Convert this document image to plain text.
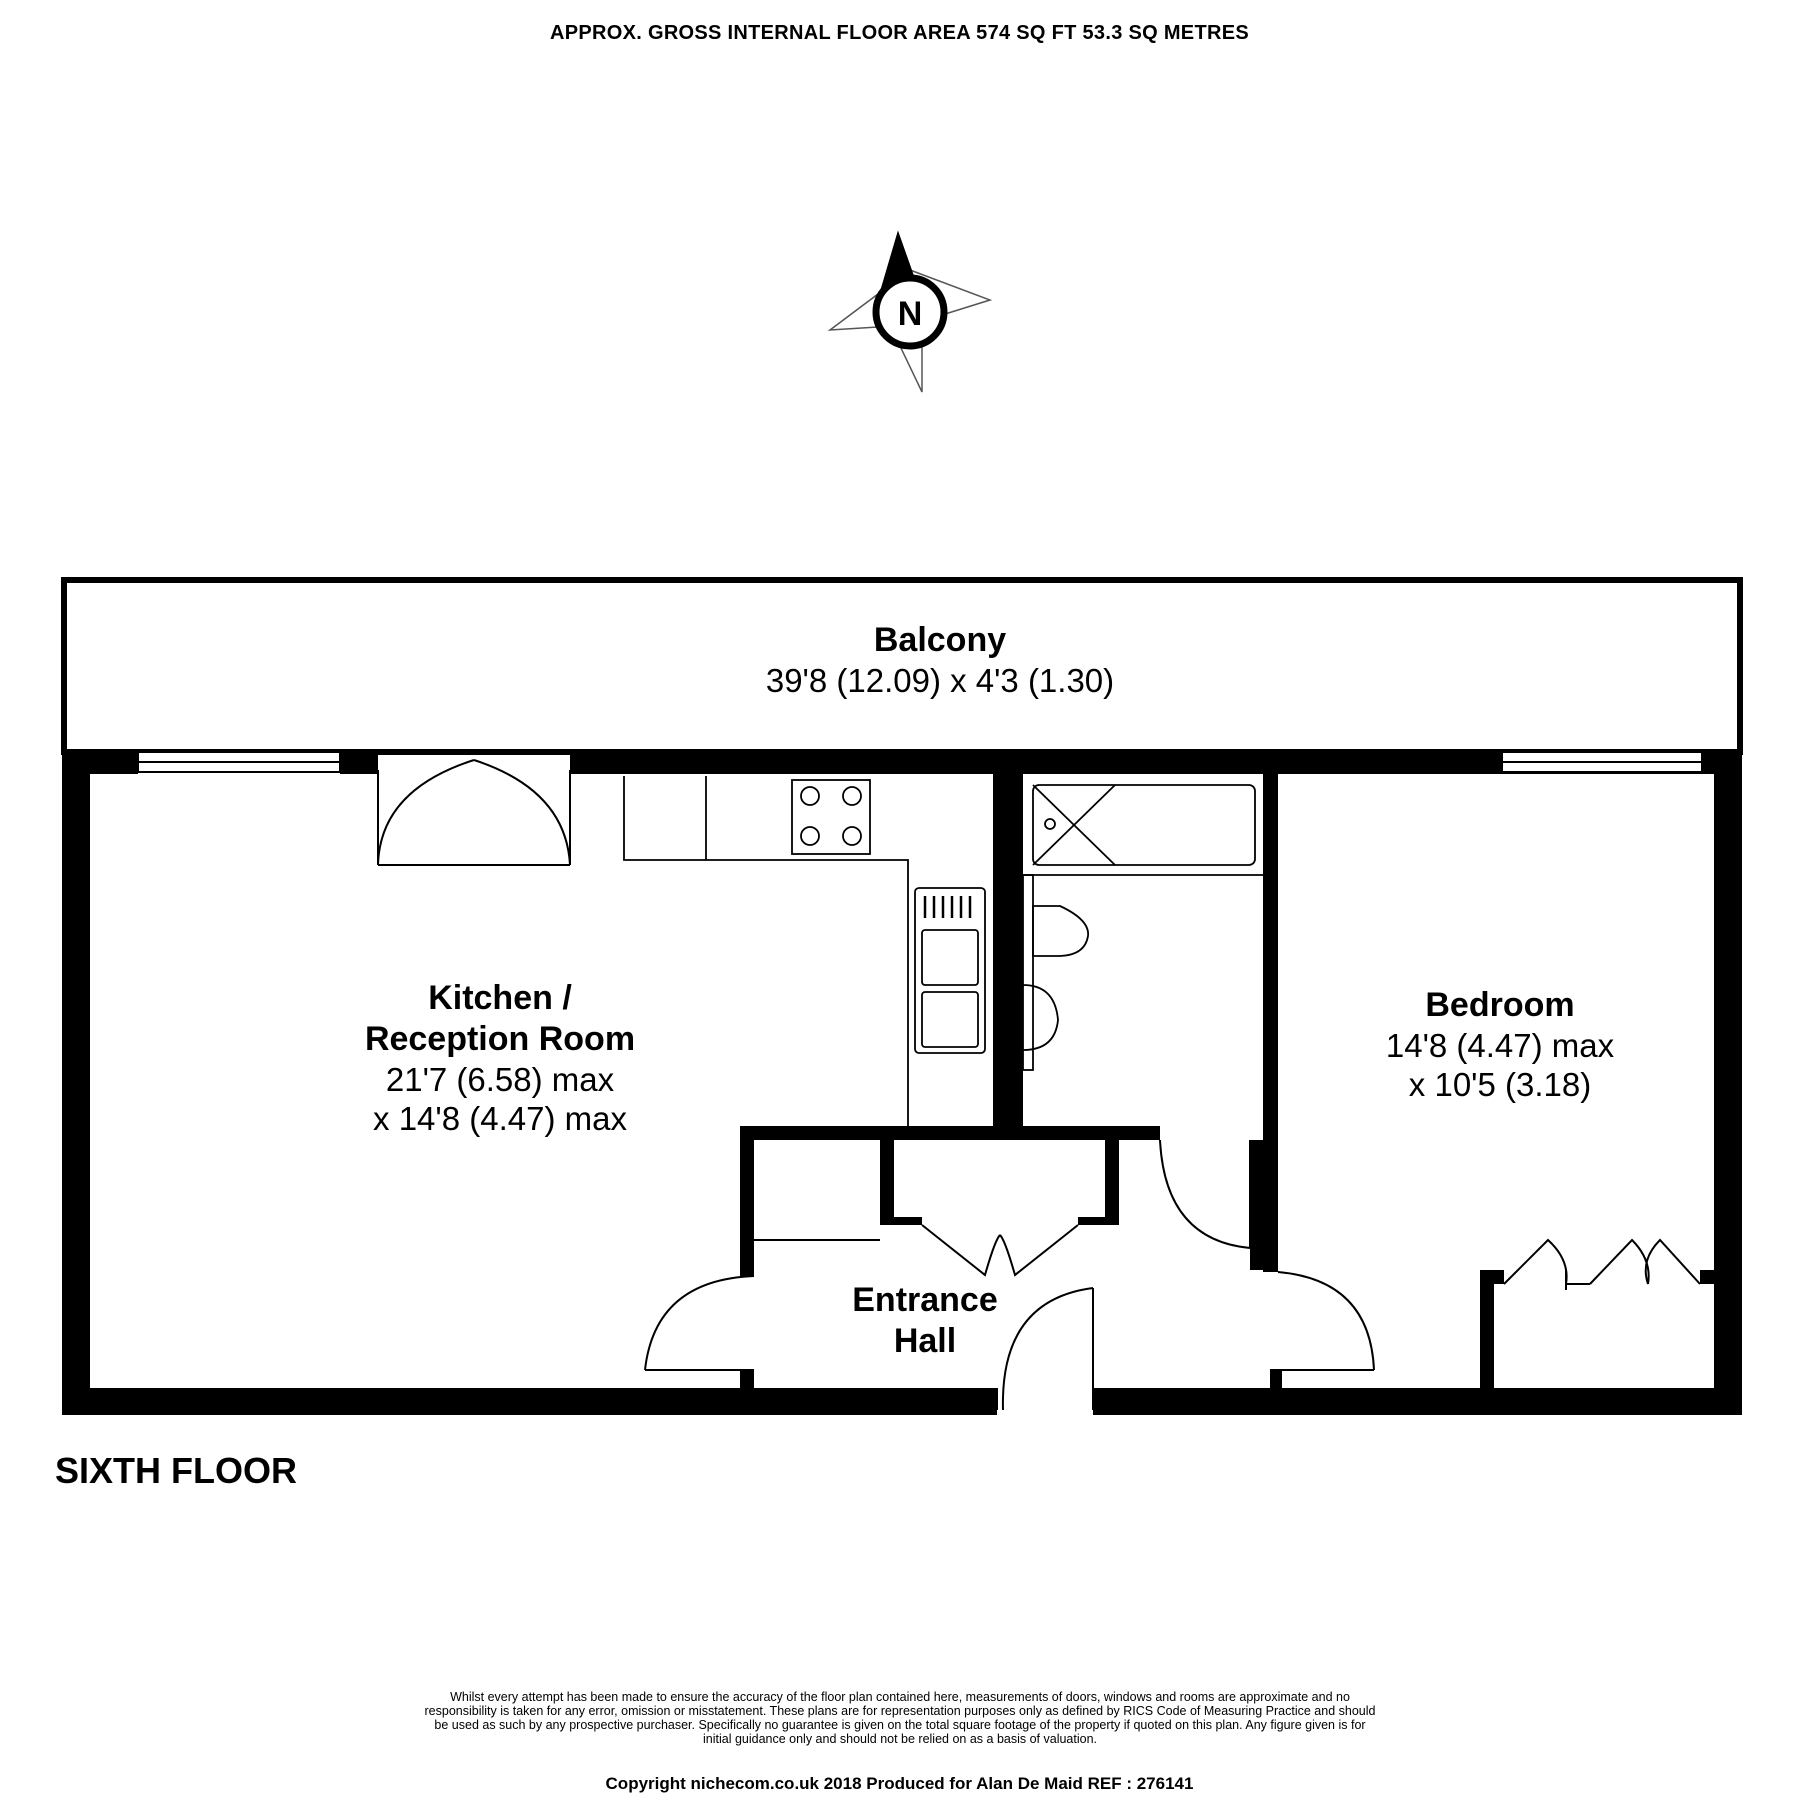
APPROX. GROSS INTERNAL FLOOR AREA 574 SQ FT 53.3 SQ METRES
N
Balcony
39'8 (12.09) x 4'3 (1.30)
Kitchen /
Reception Room
21'7 (6.58) max
x 14'8 (4.47) max
Bedroom
14'8 (4.47) max
x 10'5 (3.18)
Entrance
Hall
SIXTH FLOOR
Whilst every attempt has been made to ensure the accuracy of the floor plan contained here, measurements of doors, windows and rooms are approximate and no responsibility is taken for any error, omission or misstatement. These plans are for representation purposes only as defined by RICS Code of Measuring Practice and should be used as such by any prospective purchaser. Specifically no guarantee is given on the total square footage of the property if quoted on this plan. Any figure given is for initial guidance only and should not be relied on as a basis of valuation.
Copyright nichecom.co.uk 2018 Produced for Alan De Maid REF : 276141
